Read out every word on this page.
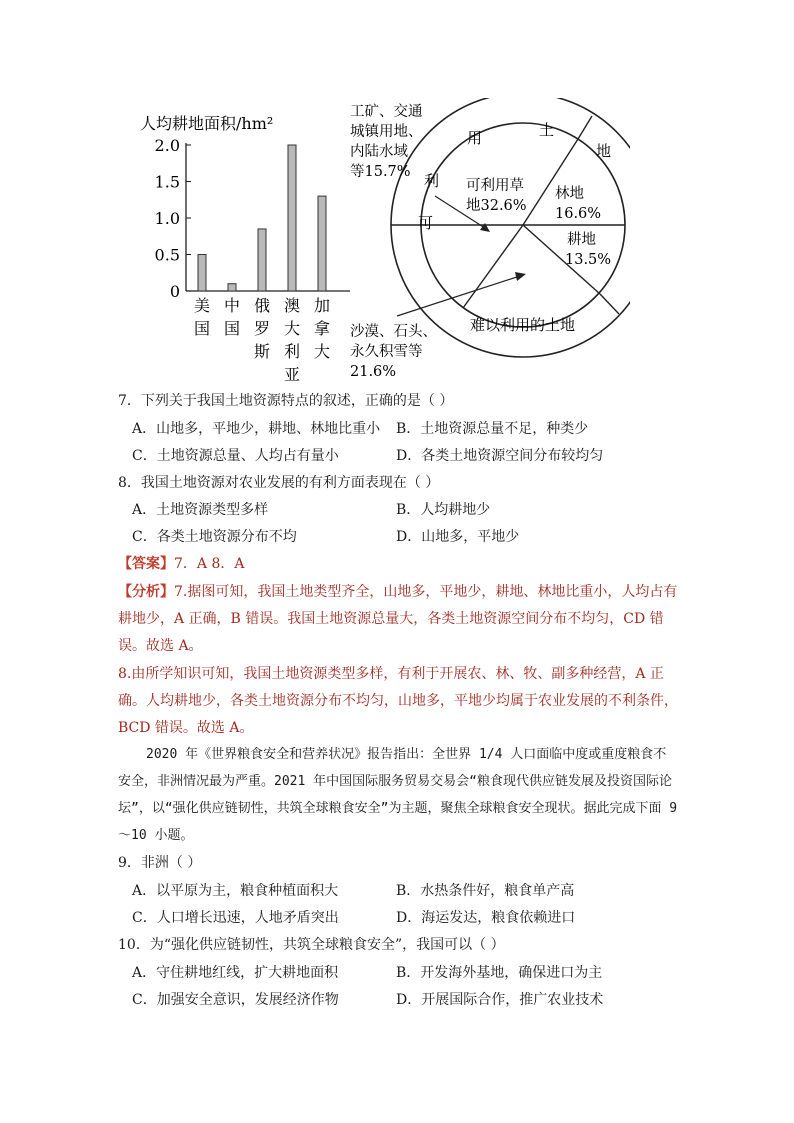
人均耕地面积/hm²
0
0.5
1.0
1.5
2.0
美
国
中
国
俄
罗
斯
澳
大
利
亚
加
拿
大
可
利
用	土
地
难以利用的土地
工矿、交通
城镇用地、
内陆水域
等15.7%
可利用草
地32.6%
林地
16.6%
耕地
13.5%
沙漠、石头、
永久积雪等
21.6%
7．下列关于我国土地资源特点的叙述，正确的是（ ）
A．山地多，平地少，耕地、林地比重小 B．土地资源总量不足，种类少
C．土地资源总量、人均占有量小	D．各类土地资源空间分布较均匀
8．我国土地资源对农业发展的有利方面表现在（ ）
A．土地资源类型多样	B．人均耕地少
C．各类土地资源分布不均	D．山地多，平地少
【答案】7．A 8．A
【分析】7.据图可知，我国土地类型齐全，山地多，平地少，耕地、林地比重小，人均占有耕地少，A 正确，B 错误。我国土地资源总量大，各类土地资源空间分布不均匀，CD 错误。故选 A。
8.由所学知识可知，我国土地资源类型多样，有利于开展农、林、牧、副多种经营，A 正确。人均耕地少，各类土地资源分布不均匀，山地多，平地少均属于农业发展的不利条件，BCD 错误。故选 A。
2020 年《世界粮食安全和营养状况》报告指出：全世界 1/4 人口面临中度或重度粮食不安全，非洲情况最为严重。2021 年中国国际服务贸易交易会“粮食现代供应链发展及投资国际论坛”，以“强化供应链韧性，共筑全球粮食安全”为主题，聚焦全球粮食安全现状。据此完成下面 9～10 小题。
9．非洲（ ）
A．以平原为主，粮食种植面积大	B．水热条件好，粮食单产高
C．人口增长迅速，人地矛盾突出	D．海运发达，粮食依赖进口
10．为“强化供应链韧性，共筑全球粮食安全”，我国可以（ ）
A．守住耕地红线，扩大耕地面积	B．开发海外基地，确保进口为主
C．加强安全意识，发展经济作物	D．开展国际合作，推广农业技术
